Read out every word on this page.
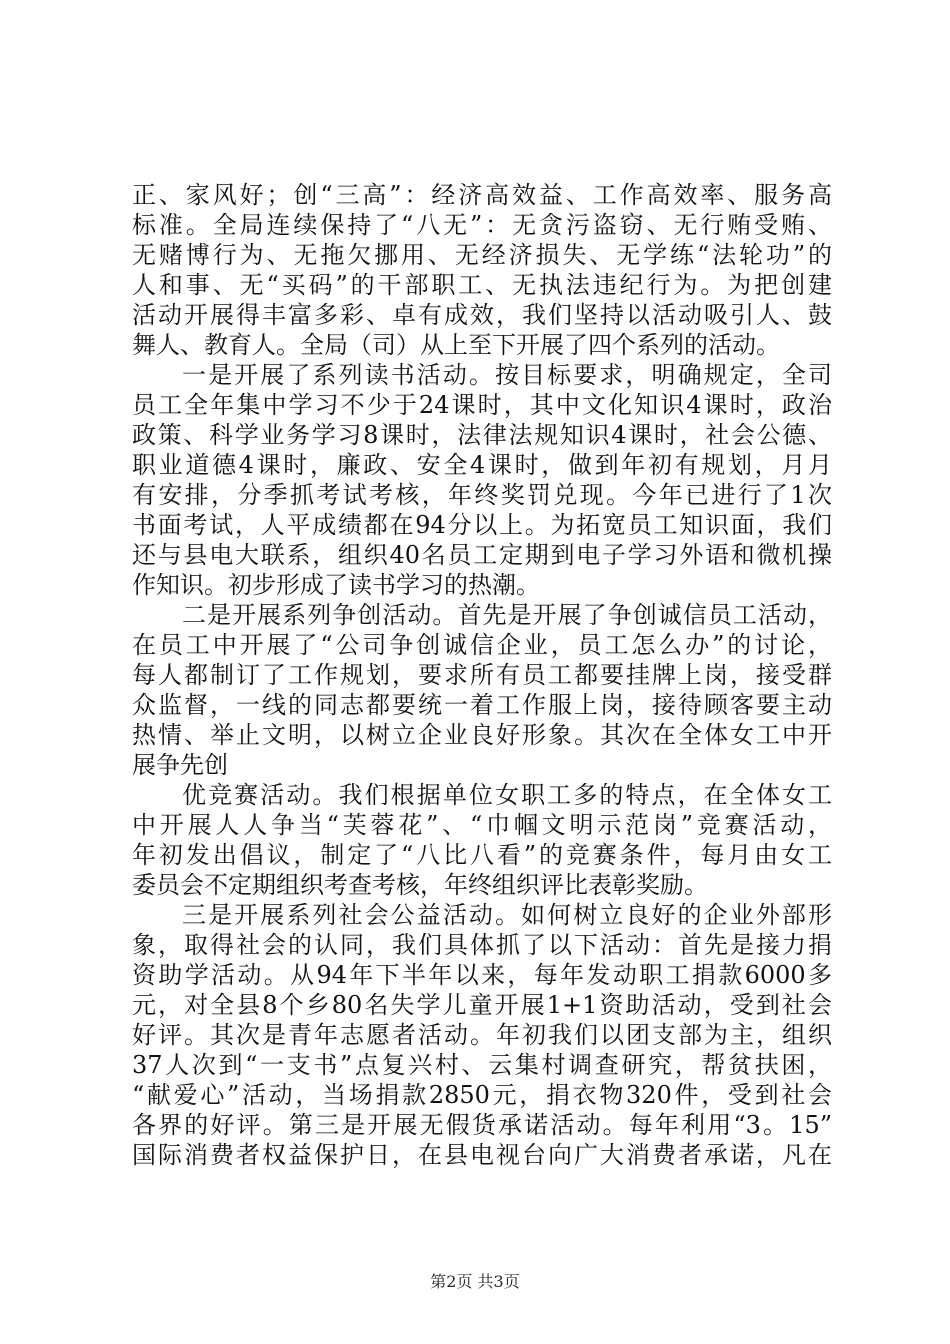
正、家风好；创“三高”：经济高效益、工作高效率、服务高
标准。全局连续保持了“八无”：无贪污盗窃、无行贿受贿、
无赌博行为、无拖欠挪用、无经济损失、无学练“法轮功”的
人和事、无“买码”的干部职工、无执法违纪行为。为把创建
活动开展得丰富多彩、卓有成效，我们坚持以活动吸引人、鼓
舞人、教育人。全局（司）从上至下开展了四个系列的活动。
一是开展了系列读书活动。按目标要求，明确规定，全司
员工全年集中学习不少于24课时，其中文化知识4课时，政治
政策、科学业务学习8课时，法律法规知识4课时，社会公德、
职业道德4课时，廉政、安全4课时，做到年初有规划，月月
有安排，分季抓考试考核，年终奖罚兑现。今年已进行了1次
书面考试，人平成绩都在94分以上。为拓宽员工知识面，我们
还与县电大联系，组织40名员工定期到电子学习外语和微机操
作知识。初步形成了读书学习的热潮。
二是开展系列争创活动。首先是开展了争创诚信员工活动，
在员工中开展了“公司争创诚信企业，员工怎么办”的讨论，
每人都制订了工作规划，要求所有员工都要挂牌上岗，接受群
众监督，一线的同志都要统一着工作服上岗，接待顾客要主动
热情、举止文明，以树立企业良好形象。其次在全体女工中开
展争先创
优竞赛活动。我们根据单位女职工多的特点，在全体女工
中开展人人争当“芙蓉花”、“巾帼文明示范岗”竞赛活动，
年初发出倡议，制定了“八比八看”的竞赛条件，每月由女工
委员会不定期组织考查考核，年终组织评比表彰奖励。
三是开展系列社会公益活动。如何树立良好的企业外部形
象，取得社会的认同，我们具体抓了以下活动：首先是接力捐
资助学活动。从94年下半年以来，每年发动职工捐款6000多
元，对全县8个乡80名失学儿童开展1+1资助活动，受到社会
好评。其次是青年志愿者活动。年初我们以团支部为主，组织
37人次到“一支书”点复兴村、云集村调查研究，帮贫扶困，
“献爱心”活动，当场捐款2850元，捐衣物320件，受到社会
各界的好评。第三是开展无假货承诺活动。每年利用“3。15”
国际消费者权益保护日，在县电视台向广大消费者承诺，凡在
第2页 共3页
